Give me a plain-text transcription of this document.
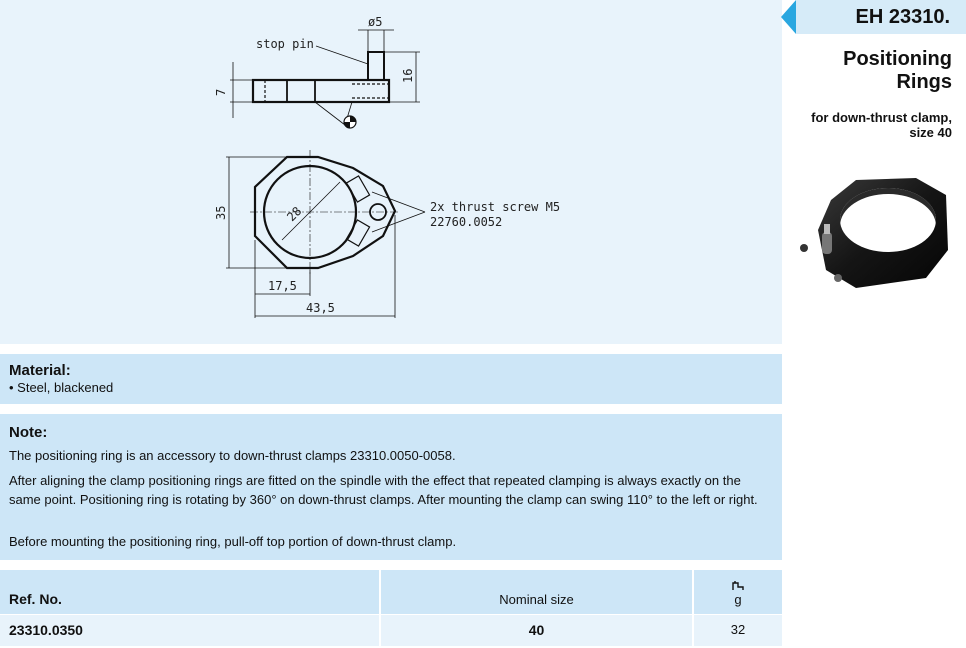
ø5
stop pin
16
7
35	28
17,5
43,5
2x thrust screw M5
22760.0052
EH 23310.
Positioning
Rings
for down-thrust clamp,
size 40
Material:
• Steel, blackened
Note:

The positioning ring is an accessory to down-thrust clamps 23310.0050-0058.

After aligning the clamp positioning rings are fitted on the spindle with the effect that repeated clamping is always exactly on the same point. Positioning ring is rotating by 360° on down-thrust clamps. After mounting the clamp can swing 110° to the left or right.

Before mounting the positioning ring, pull-off top portion of down-thrust clamp.

Ref. No.	Nominal size	g
23310.0350	40	32
